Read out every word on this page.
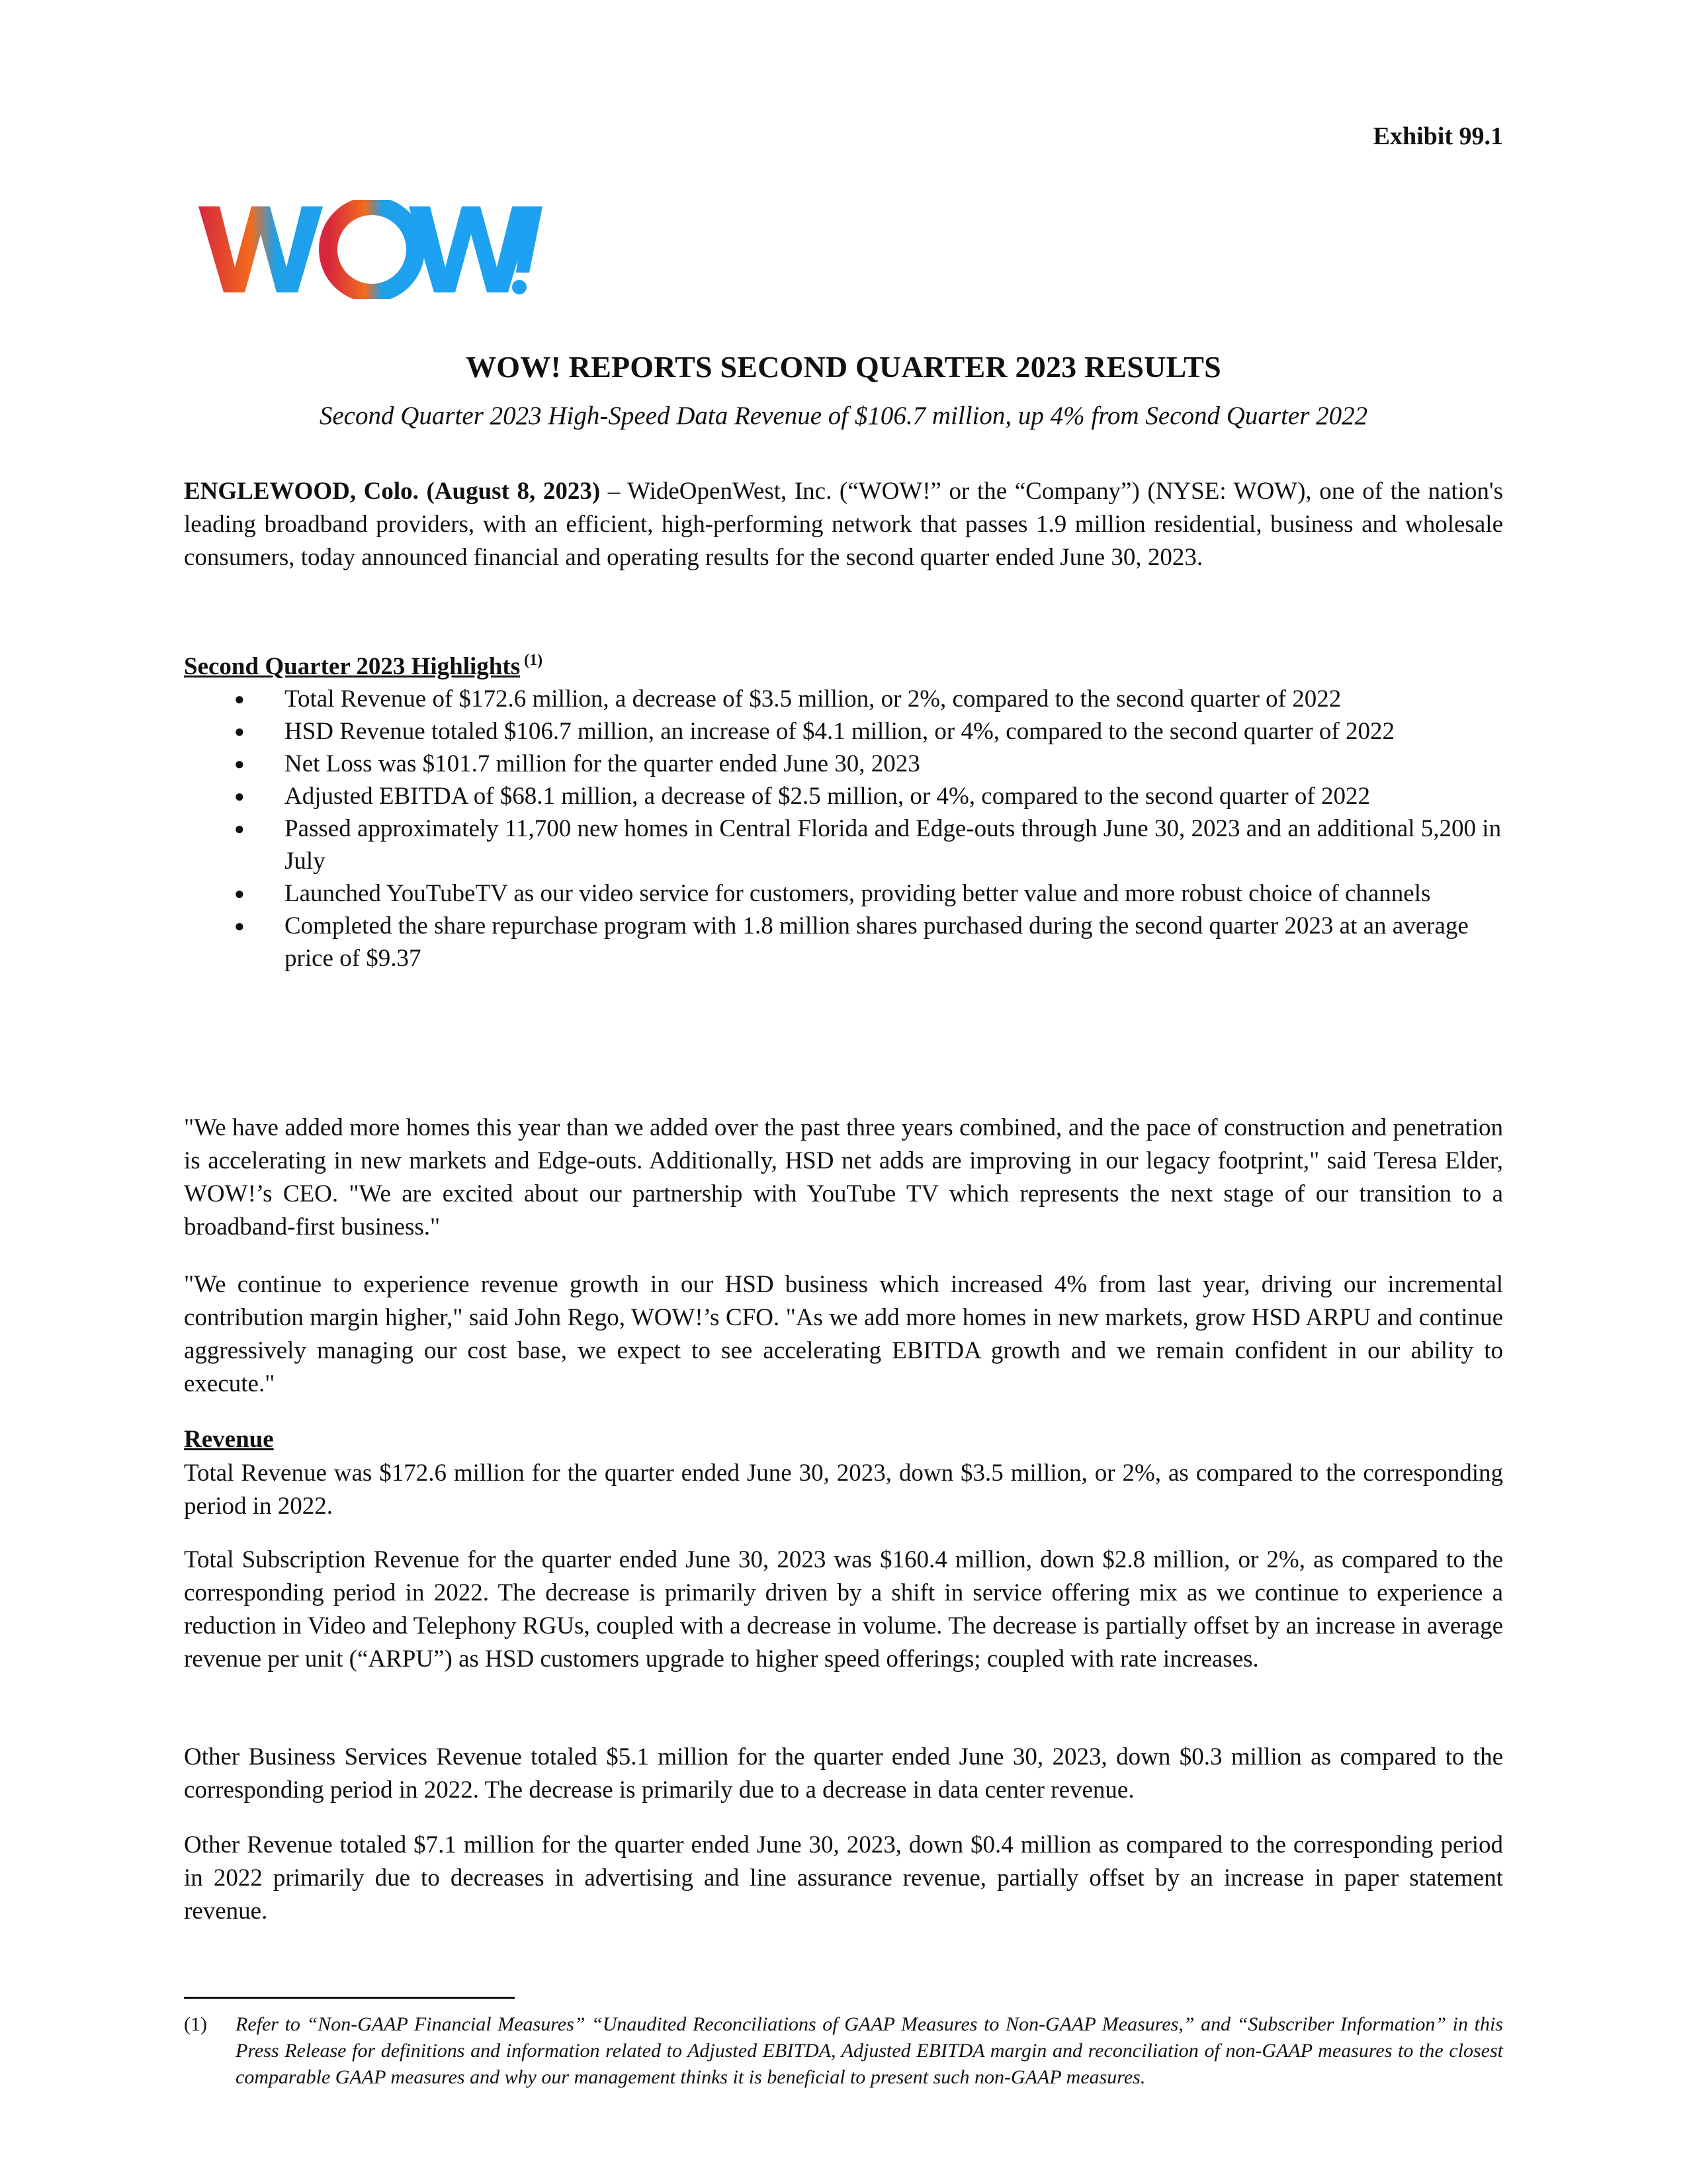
Exhibit 99.1
WOW! REPORTS SECOND QUARTER 2023 RESULTS
Second Quarter 2023 High-Speed Data Revenue of $106.7 million, up 4% from Second Quarter 2022
ENGLEWOOD, Colo. (August 8, 2023) – WideOpenWest, Inc. (“WOW!” or the “Company”) (NYSE: WOW), one of the nation's leading broadband providers, with an efficient, high-performing network that passes 1.9 million residential, business and wholesale consumers, today announced financial and operating results for the second quarter ended June 30, 2023.
Second Quarter 2023 Highlights $^{(1)}$
● Total Revenue of $172.6 million, a decrease of $3.5 million, or 2%, compared to the second quarter of 2022
● HSD Revenue totaled $106.7 million, an increase of $4.1 million, or 4%, compared to the second quarter of 2022
● Net Loss was $101.7 million for the quarter ended June 30, 2023
● Adjusted EBITDA of $68.1 million, a decrease of $2.5 million, or 4%, compared to the second quarter of 2022
● Passed approximately 11,700 new homes in Central Florida and Edge-outs through June 30, 2023 and an additional 5,200 in July
● Launched YouTubeTV as our video service for customers, providing better value and more robust choice of channels
● Completed the share repurchase program with 1.8 million shares purchased during the second quarter 2023 at an average price of $9.37
"We have added more homes this year than we added over the past three years combined, and the pace of construction and penetration is accelerating in new markets and Edge-outs. Additionally, HSD net adds are improving in our legacy footprint," said Teresa Elder, WOW!’s CEO. "We are excited about our partnership with YouTube TV which represents the next stage of our transition to a broadband-first business."
"We continue to experience revenue growth in our HSD business which increased 4% from last year, driving our incremental contribution margin higher," said John Rego, WOW!’s CFO. "As we add more homes in new markets, grow HSD ARPU and continue aggressively managing our cost base, we expect to see accelerating EBITDA growth and we remain confident in our ability to execute."
Revenue
Total Revenue was $172.6 million for the quarter ended June 30, 2023, down $3.5 million, or 2%, as compared to the corresponding period in 2022.
Total Subscription Revenue for the quarter ended June 30, 2023 was $160.4 million, down $2.8 million, or 2%, as compared to the corresponding period in 2022. The decrease is primarily driven by a shift in service offering mix as we continue to experience a reduction in Video and Telephony RGUs, coupled with a decrease in volume. The decrease is partially offset by an increase in average revenue per unit (“ARPU”) as HSD customers upgrade to higher speed offerings; coupled with rate increases.
Other Business Services Revenue totaled $5.1 million for the quarter ended June 30, 2023, down $0.3 million as compared to the corresponding period in 2022. The decrease is primarily due to a decrease in data center revenue.
Other Revenue totaled $7.1 million for the quarter ended June 30, 2023, down $0.4 million as compared to the corresponding period in 2022 primarily due to decreases in advertising and line assurance revenue, partially offset by an increase in paper statement revenue.
(1) Refer to “Non-GAAP Financial Measures” “Unaudited Reconciliations of GAAP Measures to Non-GAAP Measures,” and “Subscriber Information” in this Press Release for definitions and information related to Adjusted EBITDA, Adjusted EBITDA margin and reconciliation of non-GAAP measures to the closest comparable GAAP measures and why our management thinks it is beneficial to present such non-GAAP measures.
